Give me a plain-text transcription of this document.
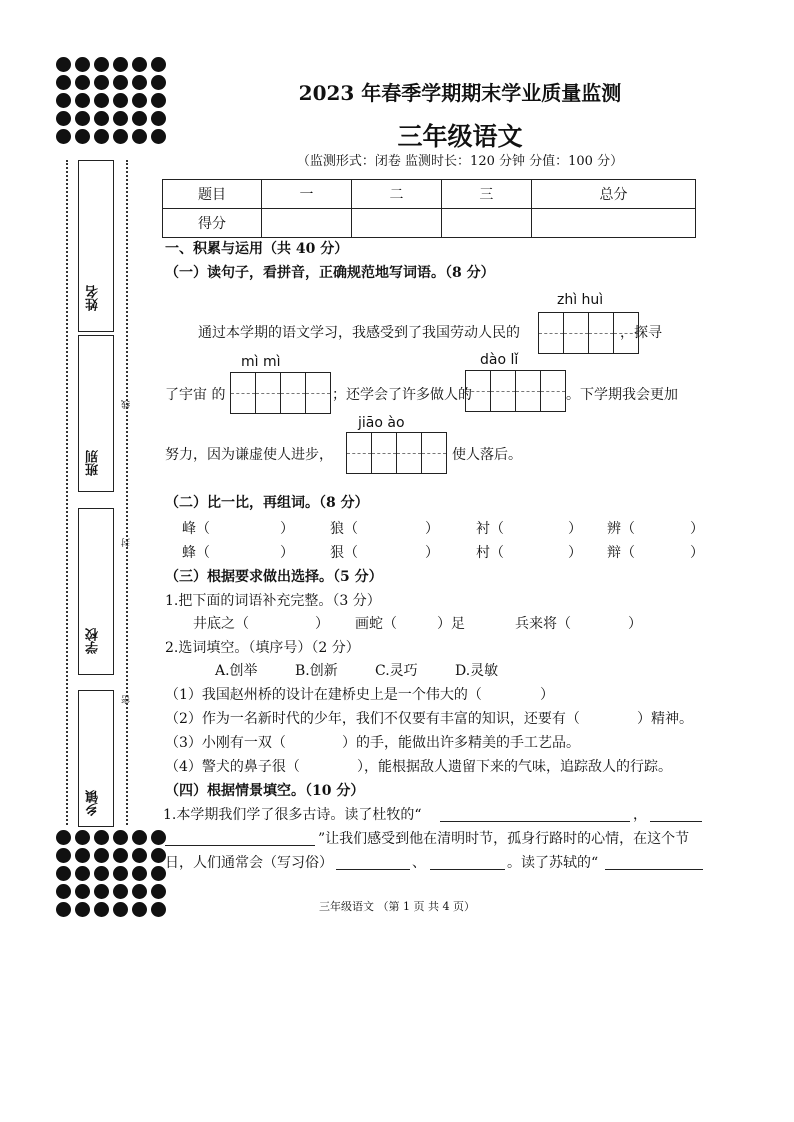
姓名
班别
学校
乡镇
线
封
密
2023 年春季学期期末学业质量监测
三年级语文
（监测形式：闭卷 监测时长：120 分钟 分值：100 分）
题目	一	二	三	总分
得分				
一、积累与运用（共 40 分）
（一）读句子，看拼音，正确规范地写词语。（8 分）
zhì huì
通过本学期的语文学习，我感受到了我国劳动人民的	，探寻
mì mì	dào lǐ
了宇宙 的	；还学会了许多做人的	。下学期我会更加
jiāo ào
努力，因为谦虚使人进步，	使人落后。
（二）比一比，再组词。（8 分）
峰（	）	狼（	）	衬（	） 辨（	）
蜂（	）	狠（	）	村（	） 辩（	）
（三）根据要求做出选择。（5 分）
1.把下面的词语补充完整。（3 分）
井底之（	） 画蛇（	）足	兵来将（	）
2.选词填空。（填序号）（2 分）
A.创举	B.创新	C.灵巧	D.灵敏
（1）我国赵州桥的设计在建桥史上是一个伟大的（	）
（2）作为一名新时代的少年，我们不仅要有丰富的知识，还要有（	）精神。
（3）小刚有一双（	）的手，能做出许多精美的手工艺品。
（4）警犬的鼻子很（	），能根据敌人遗留下来的气味，追踪敌人的行踪。
（四）根据情景填空。（10 分）
1.本学期我们学了很多古诗。读了杜牧的“	，
”让我们感受到他在清明时节，孤身行路时的心情，在这个节
日，人们通常会（写习俗）	、	。读了苏轼的“
三年级语文 （第 1 页 共 4 页）
